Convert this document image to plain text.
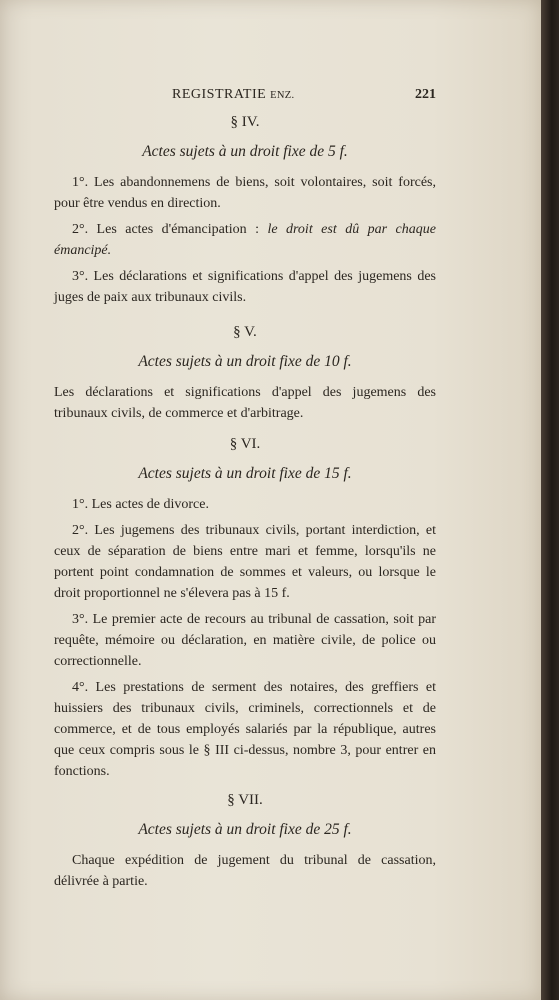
REGISTRATIE ENZ.	221
§ IV.
Actes sujets à un droit fixe de 5 f.
1°. Les abandonnemens de biens, soit volontaires, soit forcés, pour être vendus en direction.
2°. Les actes d'émancipation : le droit est dû par chaque émancipé.
3°. Les déclarations et significations d'appel des jugemens des juges de paix aux tribunaux civils.
§ V.
Actes sujets à un droit fixe de 10 f.
Les déclarations et significations d'appel des jugemens des tribunaux civils, de commerce et d'arbitrage.
§ VI.
Actes sujets à un droit fixe de 15 f.
1°. Les actes de divorce.
2°. Les jugemens des tribunaux civils, portant interdiction, et ceux de séparation de biens entre mari et femme, lorsqu'ils ne portent point condamnation de sommes et valeurs, ou lorsque le droit proportionnel ne s'élevera pas à 15 f.
3°. Le premier acte de recours au tribunal de cassation, soit par requête, mémoire ou déclaration, en matière civile, de police ou correctionnelle.
4°. Les prestations de serment des notaires, des greffiers et huissiers des tribunaux civils, criminels, correctionnels et de commerce, et de tous employés salariés par la république, autres que ceux compris sous le § III ci-dessus, nombre 3, pour entrer en fonctions.
§ VII.
Actes sujets à un droit fixe de 25 f.
Chaque expédition de jugement du tribunal de cassation, délivrée à partie.
